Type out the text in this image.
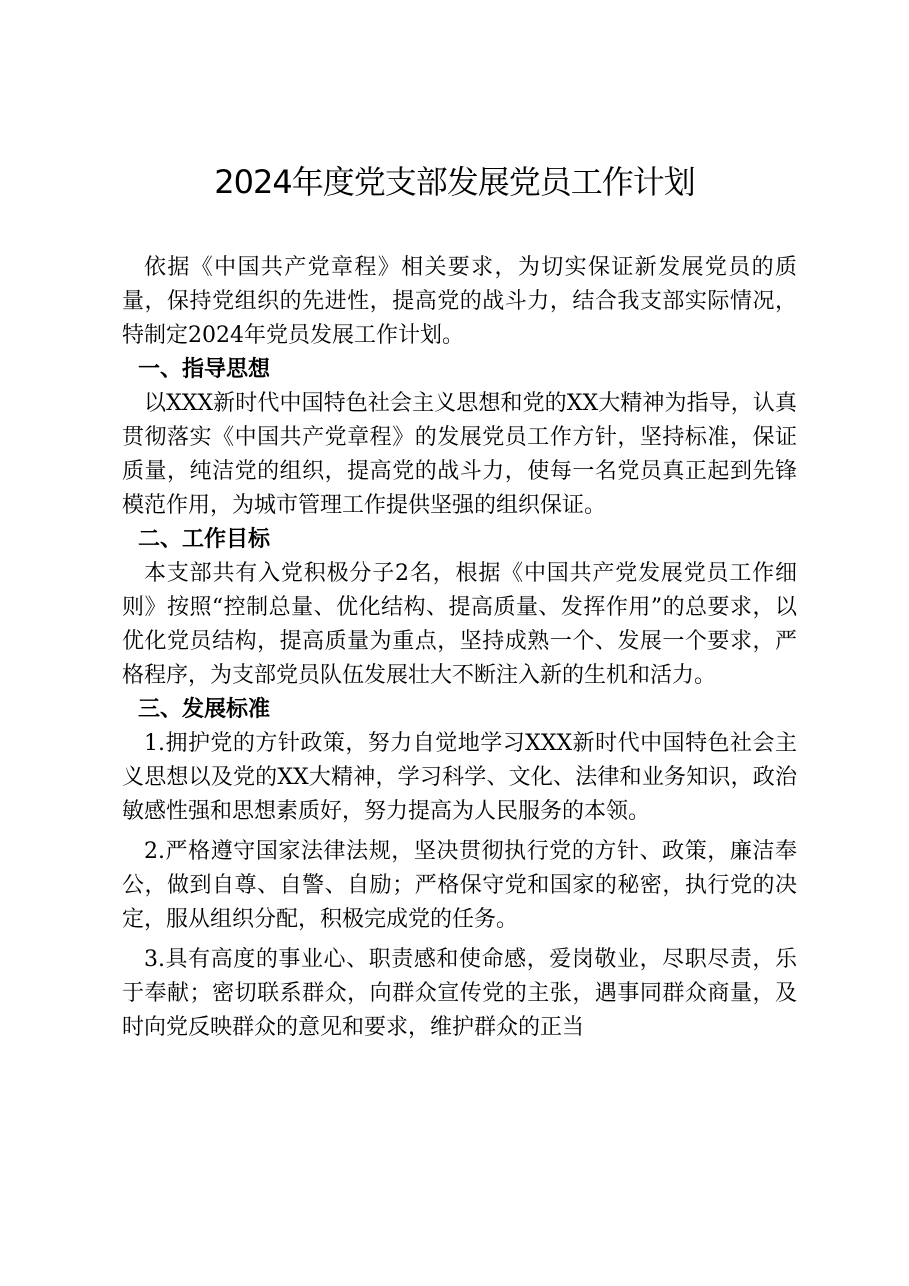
2024年度党支部发展党员工作计划

依据《中国共产党章程》相关要求，为切实保证新发展党员的质量，保持党组织的先进性，提高党的战斗力，结合我支部实际情况，特制定2024年党员发展工作计划。

一、指导思想

以XXX新时代中国特色社会主义思想和党的XX大精神为指导，认真贯彻落实《中国共产党章程》的发展党员工作方针，坚持标准，保证质量，纯洁党的组织，提高党的战斗力，使每一名党员真正起到先锋模范作用，为城市管理工作提供坚强的组织保证。

二、工作目标

本支部共有入党积极分子2名，根据《中国共产党发展党员工作细则》按照“控制总量、优化结构、提高质量、发挥作用”的总要求，以优化党员结构，提高质量为重点，坚持成熟一个、发展一个要求，严格程序，为支部党员队伍发展壮大不断注入新的生机和活力。

三、发展标准

1.拥护党的方针政策，努力自觉地学习XXX新时代中国特色社会主义思想以及党的XX大精神，学习科学、文化、法律和业务知识，政治敏感性强和思想素质好，努力提高为人民服务的本领。

2.严格遵守国家法律法规，坚决贯彻执行党的方针、政策，廉洁奉公，做到自尊、自警、自励；严格保守党和国家的秘密，执行党的决定，服从组织分配，积极完成党的任务。

3.具有高度的事业心、职责感和使命感，爱岗敬业，尽职尽责，乐于奉献；密切联系群众，向群众宣传党的主张，遇事同群众商量，及时向党反映群众的意见和要求，维护群众的正当
